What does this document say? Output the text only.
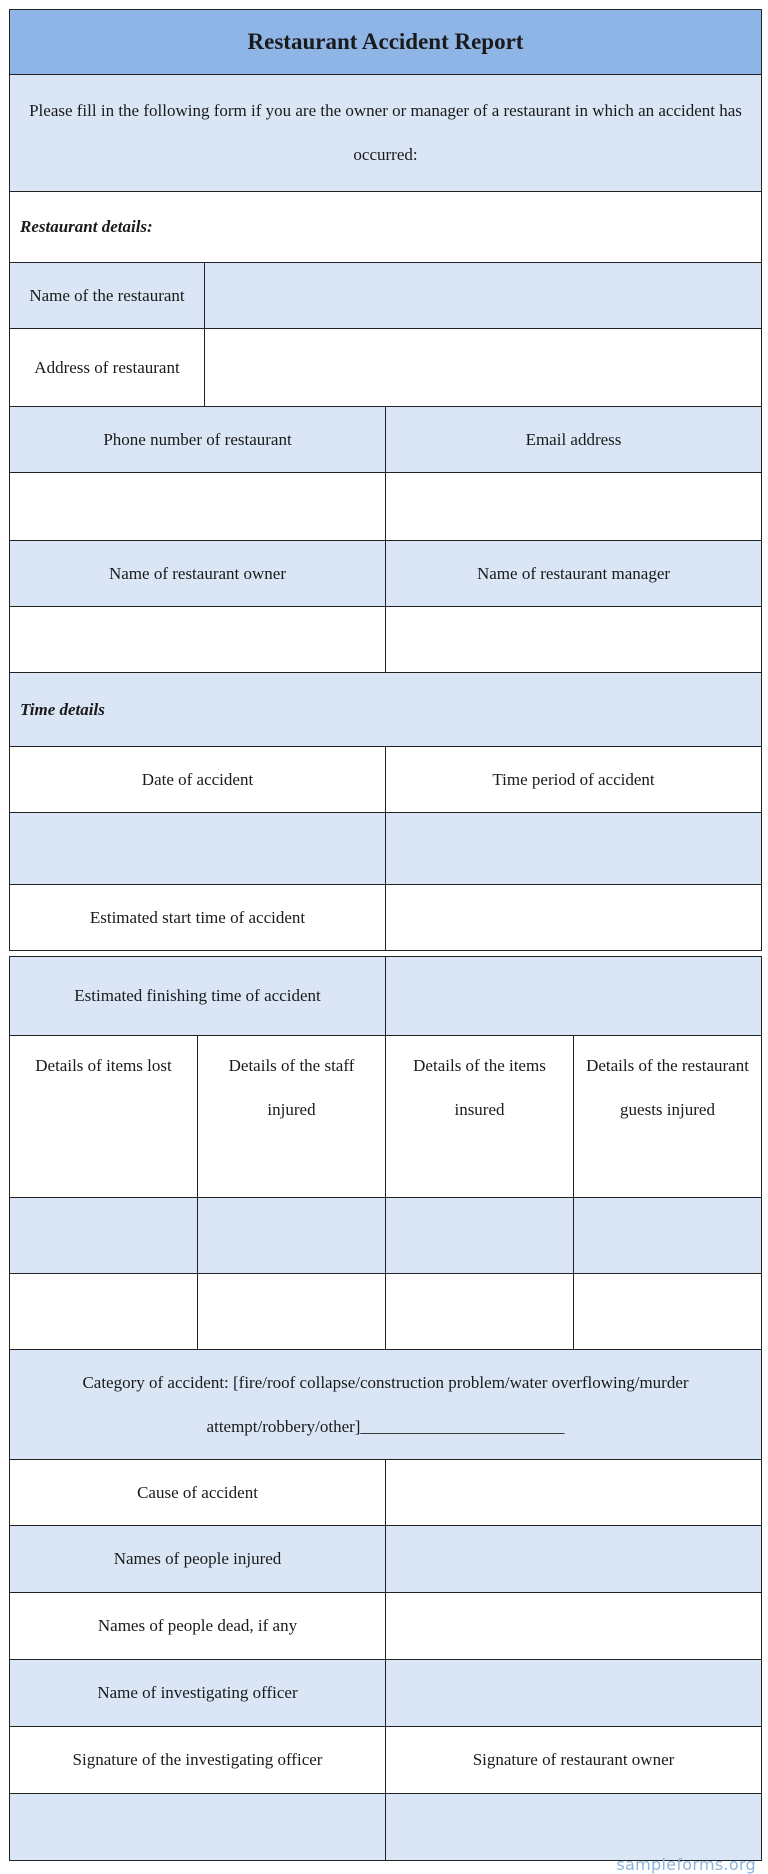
Restaurant Accident Report		
Please fill in the following form if you are the owner or manager of a restaurant in which an accident has occurred:		
Restaurant details:		
Name of the restaurant		
Address of restaurant		
Phone number of restaurant		Email address

Name of restaurant owner		Name of restaurant manager

Time details		
Date of accident		Time period of accident

Estimated start time of accident		
Estimated finishing time of accident			
Details of items lost	Details of the staff injured	Details of the items insured	Details of the restaurant guests injured

Category of accident: [fire/roof collapse/construction problem/water overflowing/murder attempt/robbery/other]________________________			
Cause of accident			
Names of people injured			
Names of people dead, if any			
Name of investigating officer			
Signature of the investigating officer		Signature of restaurant owner	

sampleforms.org
